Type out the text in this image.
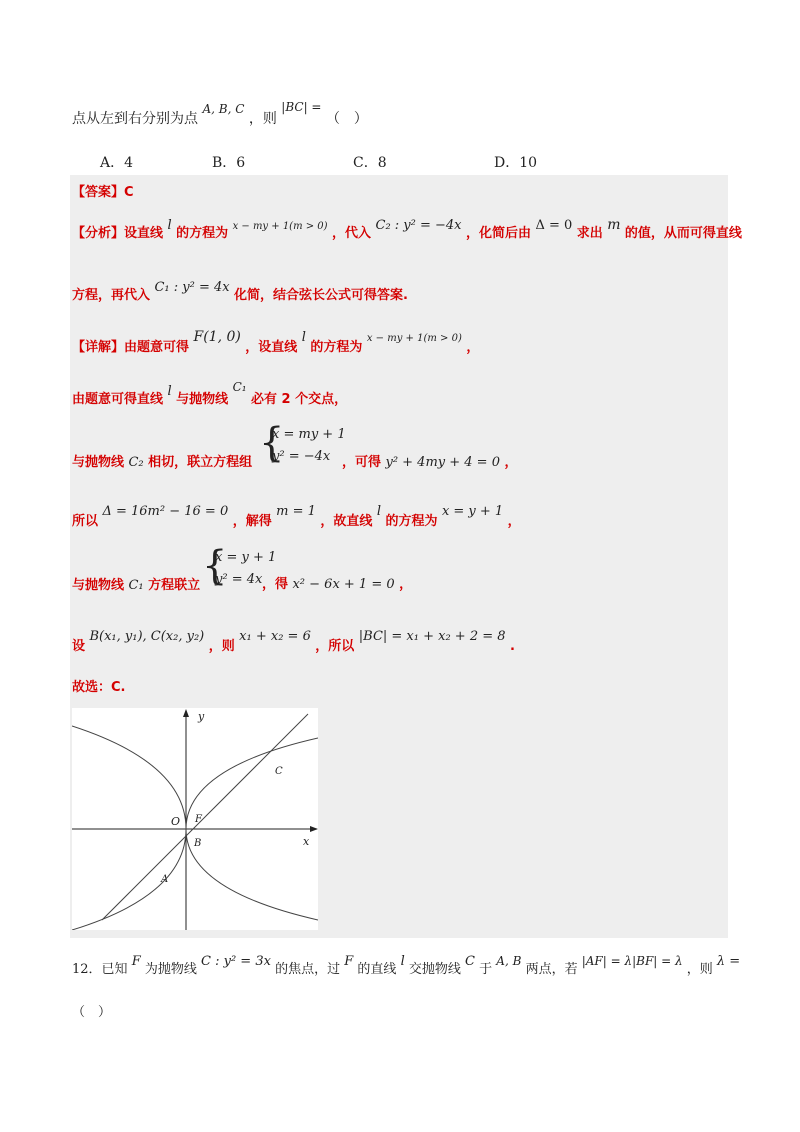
点从左到右分别为点 A, B, C ，则 |BC| = （　）
A．4	B．6	C．8	D．10
【答案】C
【分析】设直线 l 的方程为 x − my + 1(m > 0) ，代入 C₂ : y² = −4x ，化简后由 Δ = 0 求出 m 的值，从而可得直线
方程，再代入 C₁ : y² = 4x 化简，结合弦长公式可得答案.
【详解】由题意可得 F(1, 0) ，设直线 l 的方程为 x − my + 1(m > 0) ，
由题意可得直线 l 与抛物线 C₁ 必有 2 个交点，
与抛物线 C₂ 相切，联立方程组 {
x = my + 1
y² = −4x ，可得 y² + 4my + 4 = 0 ，
所以 Δ = 16m² − 16 = 0 ，解得 m = 1 ，故直线 l 的方程为 x = y + 1 ，
与抛物线 C₁ 方程联立 {
x = y + 1
y² = 4x ，得 x² − 6x + 1 = 0 ，
设 B(x₁, y₁), C(x₂, y₂) ，则 x₁ + x₂ = 6 ，所以 |BC| = x₁ + x₂ + 2 = 8 .
故选：C.
y
x
O F
A
B
C
12．已知 F 为抛物线 C : y² = 3x 的焦点，过 F 的直线 l 交抛物线 C 于 A, B 两点，若 |AF| = λ|BF| = λ ，则 λ =
（　）
